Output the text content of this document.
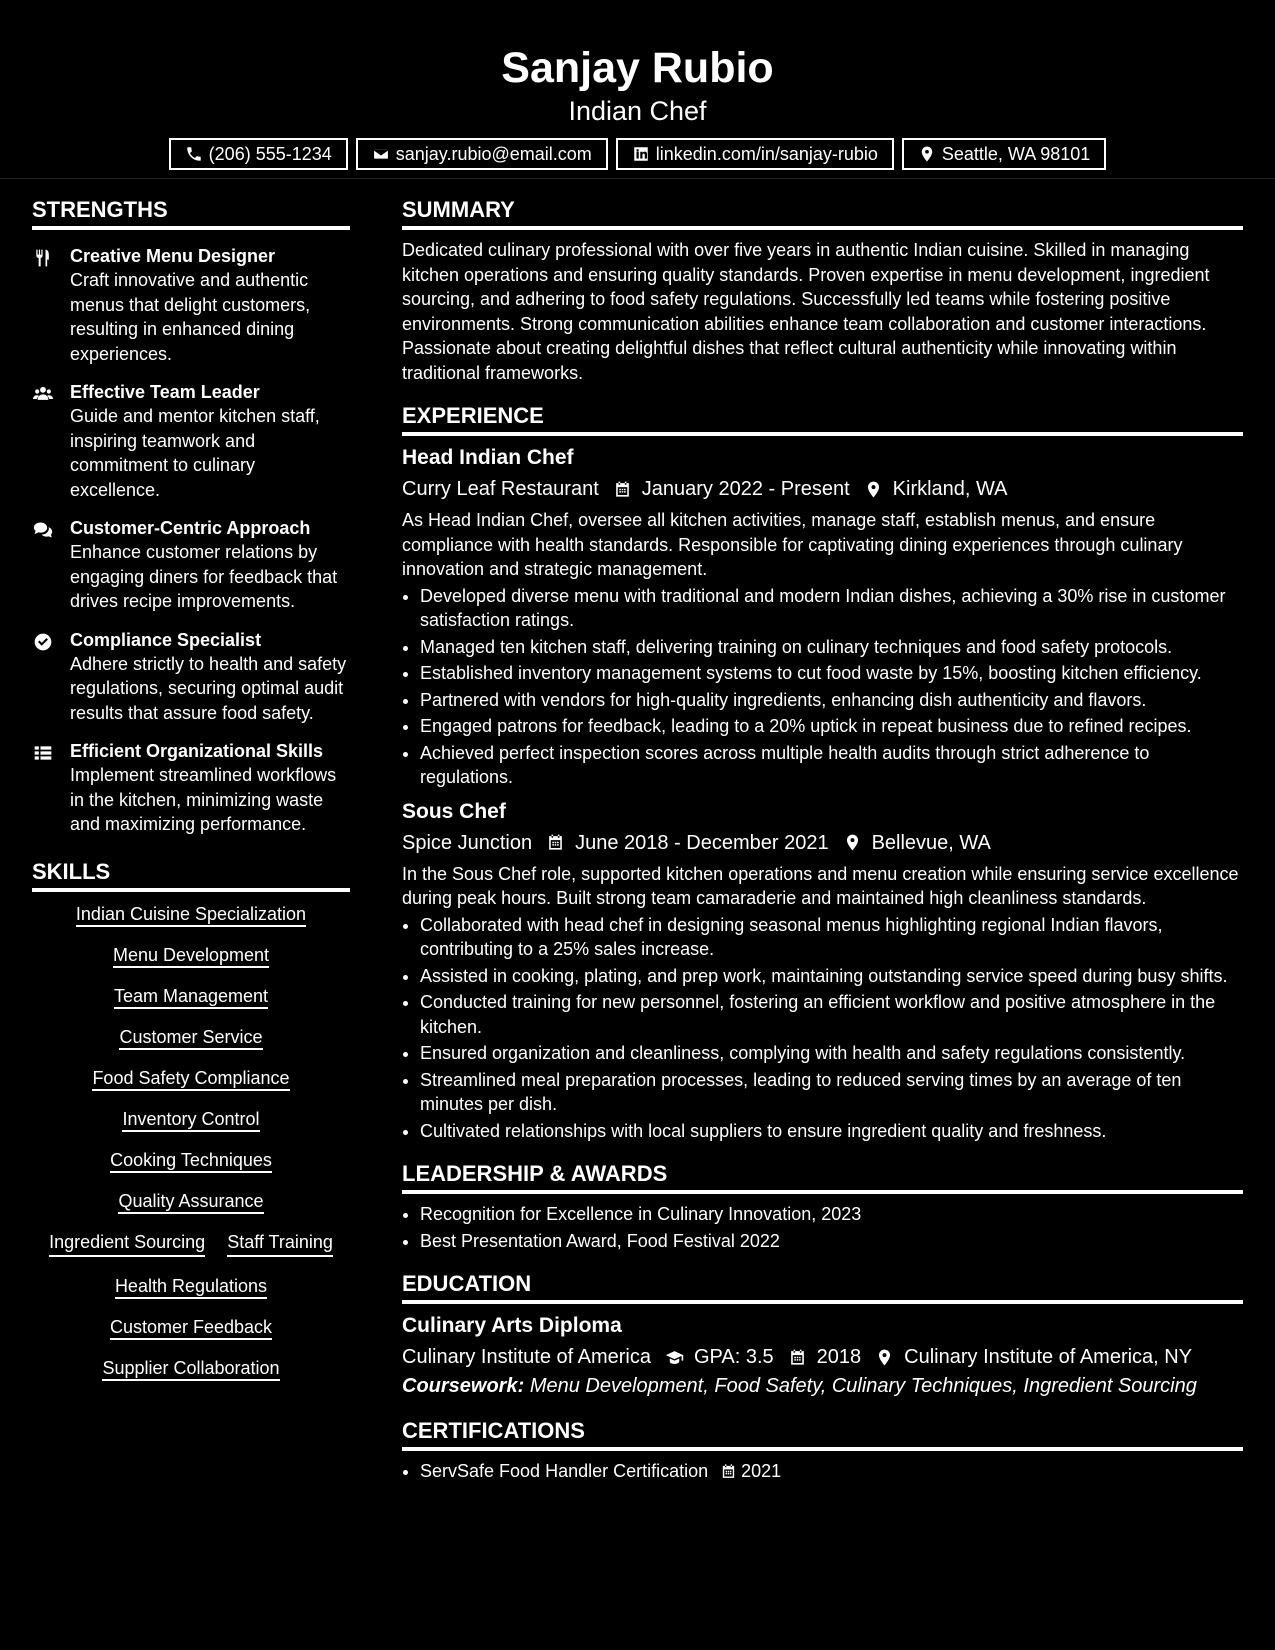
Sanjay Rubio
Indian Chef
(206) 555-1234	sanjay.rubio@email.com	linkedin.com/in/sanjay-rubio	Seattle, WA 98101
STRENGTHS
Creative Menu Designer
Craft innovative and authentic menus that delight customers, resulting in enhanced dining experiences.
Effective Team Leader
Guide and mentor kitchen staff, inspiring teamwork and commitment to culinary excellence.
Customer-Centric Approach
Enhance customer relations by engaging diners for feedback that drives recipe improvements.
Compliance Specialist
Adhere strictly to health and safety regulations, securing optimal audit results that assure food safety.
Efficient Organizational Skills
Implement streamlined workflows in the kitchen, minimizing waste and maximizing performance.
SKILLS
Indian Cuisine Specialization
Menu Development
Team Management
Customer Service
Food Safety Compliance
Inventory Control
Cooking Techniques
Quality Assurance
Ingredient Sourcing Staff Training
Health Regulations
Customer Feedback
Supplier Collaboration
SUMMARY

Dedicated culinary professional with over five years in authentic Indian cuisine. Skilled in managing kitchen operations and ensuring quality standards. Proven expertise in menu development, ingredient sourcing, and adhering to food safety regulations. Successfully led teams while fostering positive environments. Strong communication abilities enhance team collaboration and customer interactions. Passionate about creating delightful dishes that reflect cultural authenticity while innovating within traditional frameworks.

EXPERIENCE
Head Indian Chef
Curry Leaf Restaurant January 2022 - Present Kirkland, WA

As Head Indian Chef, oversee all kitchen activities, manage staff, establish menus, and ensure compliance with health standards. Responsible for captivating dining experiences through culinary innovation and strategic management.

• Developed diverse menu with traditional and modern Indian dishes, achieving a 30% rise in customer satisfaction ratings.
• Managed ten kitchen staff, delivering training on culinary techniques and food safety protocols.
• Established inventory management systems to cut food waste by 15%, boosting kitchen efficiency.
• Partnered with vendors for high-quality ingredients, enhancing dish authenticity and flavors.
• Engaged patrons for feedback, leading to a 20% uptick in repeat business due to refined recipes.
• Achieved perfect inspection scores across multiple health audits through strict adherence to regulations.
Sous Chef
Spice Junction June 2018 - December 2021 Bellevue, WA

In the Sous Chef role, supported kitchen operations and menu creation while ensuring service excellence during peak hours. Built strong team camaraderie and maintained high cleanliness standards.

• Collaborated with head chef in designing seasonal menus highlighting regional Indian flavors, contributing to a 25% sales increase.
• Assisted in cooking, plating, and prep work, maintaining outstanding service speed during busy shifts.
• Conducted training for new personnel, fostering an efficient workflow and positive atmosphere in the kitchen.
• Ensured organization and cleanliness, complying with health and safety regulations consistently.
• Streamlined meal preparation processes, leading to reduced serving times by an average of ten minutes per dish.
• Cultivated relationships with local suppliers to ensure ingredient quality and freshness.
LEADERSHIP & AWARDS
• Recognition for Excellence in Culinary Innovation, 2023
• Best Presentation Award, Food Festival 2022
EDUCATION
Culinary Arts Diploma
Culinary Institute of America GPA: 3.5 2018 Culinary Institute of America, NY
Coursework: Menu Development, Food Safety, Culinary Techniques, Ingredient Sourcing
CERTIFICATIONS
• ServSafe Food Handler Certification 2021
